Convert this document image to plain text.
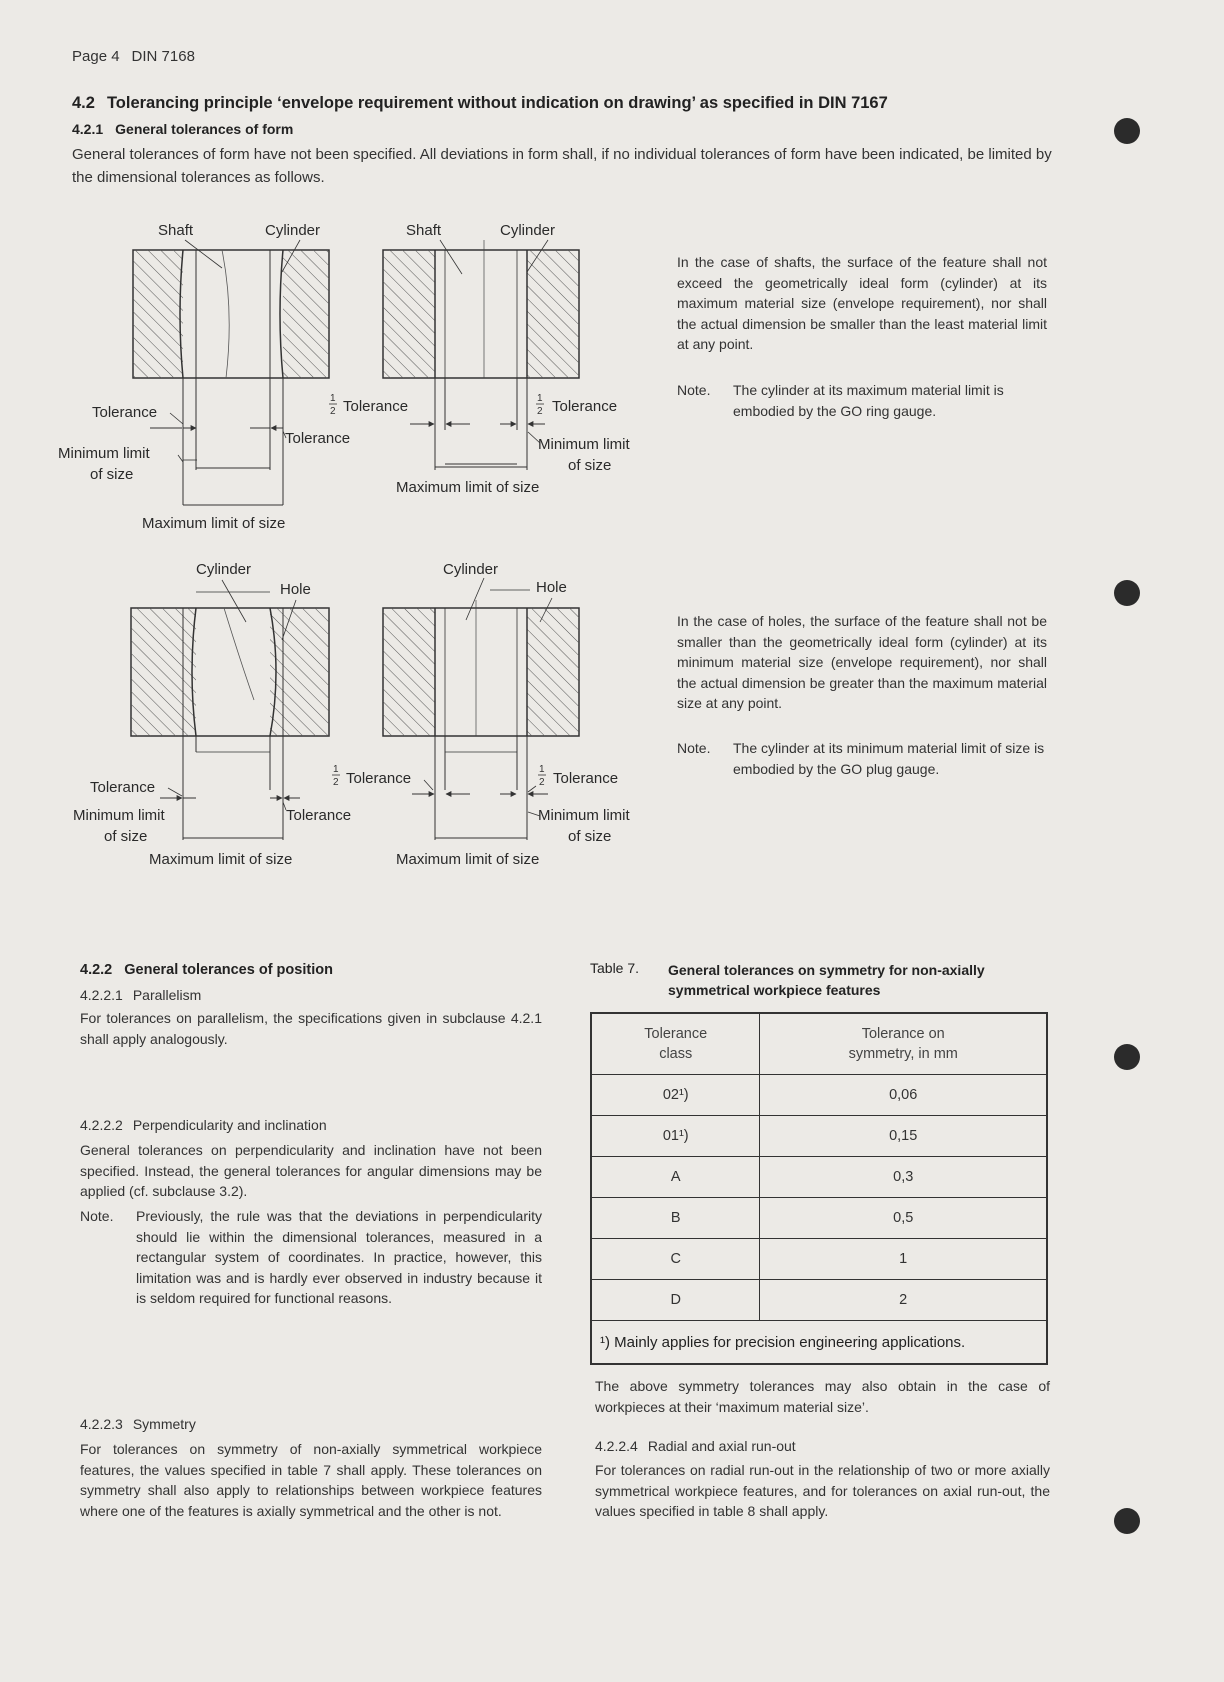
Page 4 DIN 7168
4.2 Tolerancing principle ‘envelope requirement without indication on drawing’ as specified in DIN 7167
4.2.1 General tolerances of form
General tolerances of form have not been specified. All deviations in form shall, if no individual tolerances of form have been indicated, be limited by the dimensional tolerances as follows.
Shaft	Cylinder
Tolerance
Tolerance
Minimum limit
of size
Maximum limit of size
Shaft	Cylinder
1
2 Tolerance	1
2 Tolerance
Minimum limit
of size
Maximum limit of size
Cylinder
Hole
Tolerance
Tolerance
Minimum limit
of size
Maximum limit of size
Cylinder
Hole
1
2 Tolerance
1
2 Tolerance
Minimum limit
of size
Maximum limit of size
In the case of shafts, the surface of the feature shall not exceed the geometrically ideal form (cylinder) at its maximum material size (envelope requirement), nor shall the actual dimension be smaller than the least material limit at any point.
Note.	The cylinder at its maximum material limit is embodied by the GO ring gauge.
In the case of holes, the surface of the feature shall not be smaller than the geometrically ideal form (cylinder) at its minimum material size (envelope requirement), nor shall the actual dimension be greater than the maximum material size at any point.
Note.	The cylinder at its minimum material limit of size is embodied by the GO plug gauge.
4.2.2 General tolerances of position
4.2.2.1 Parallelism
For tolerances on parallelism, the specifications given in subclause 4.2.1 shall apply analogously.
4.2.2.2 Perpendicularity and inclination
General tolerances on perpendicularity and inclination have not been specified. Instead, the general tolerances for angular dimensions may be applied (cf. subclause 3.2).
Note.	Previously, the rule was that the deviations in perpendicularity should lie within the dimensional tolerances, measured in a rectangular system of coordinates. In practice, however, this limitation was and is hardly ever observed in industry because it is seldom required for functional reasons.
4.2.2.3 Symmetry
For tolerances on symmetry of non-axially symmetrical workpiece features, the values specified in table 7 shall apply. These tolerances on symmetry shall also apply to relationships between workpiece features where one of the features is axially symmetrical and the other is not.
Table 7.	General tolerances on symmetry for non-axially symmetrical workpiece features
Tolerance
class	Tolerance on
symmetry, in mm
02¹)	0,06
01¹)	0,15
A	0,3
B	0,5
C	1
D	2
¹) Mainly applies for precision engineering applications.	
The above symmetry tolerances may also obtain in the case of workpieces at their ‘maximum material size’.
4.2.2.4 Radial and axial run-out
For tolerances on radial run-out in the relationship of two or more axially symmetrical workpiece features, and for tolerances on axial run-out, the values specified in table 8 shall apply.
